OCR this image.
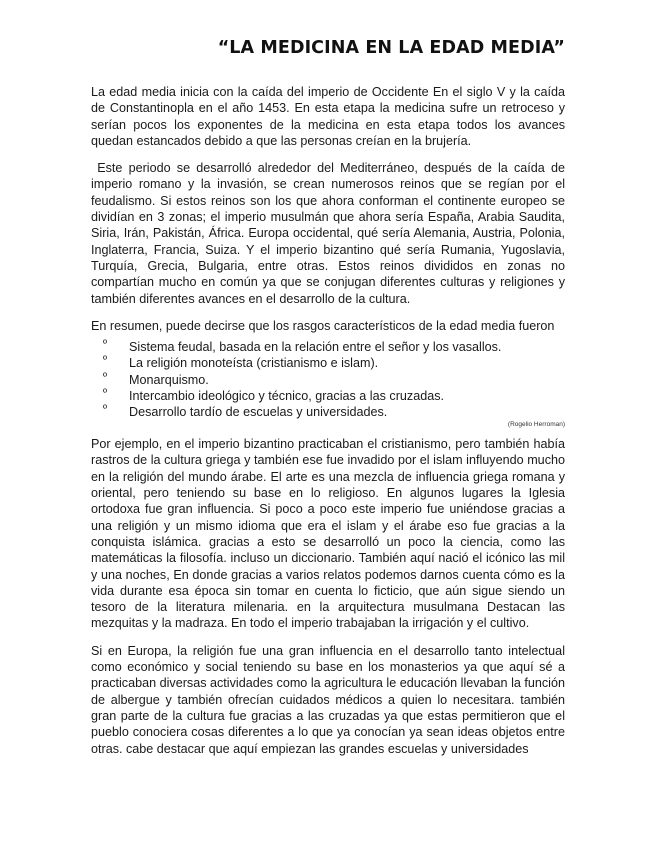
“LA MEDICINA EN LA EDAD MEDIA”

La edad media inicia con la caída del imperio de Occidente En el siglo V y la caída de Constantinopla en el año 1453. En esta etapa la medicina sufre un retroceso y serían pocos los exponentes de la medicina en esta etapa todos los avances quedan estancados debido a que las personas creían en la brujería.

Este periodo se desarrolló alrededor del Mediterráneo, después de la caída de imperio romano y la invasión, se crean numerosos reinos que se regían por el feudalismo. Si estos reinos son los que ahora conforman el continente europeo se dividían en 3 zonas; el imperio musulmán que ahora sería España, Arabia Saudita, Siria, Irán, Pakistán, África. Europa occidental, qué sería Alemania, Austria, Polonia, Inglaterra, Francia, Suiza. Y el imperio bizantino qué sería Rumania, Yugoslavia, Turquía, Grecia, Bulgaria, entre otras. Estos reinos divididos en zonas no compartían mucho en común ya que se conjugan diferentes culturas y religiones y también diferentes avances en el desarrollo de la cultura.

En resumen, puede decirse que los rasgos característicos de la edad media fueron

º Sistema feudal, basada en la relación entre el señor y los vasallos.
º La religión monoteísta (cristianismo e islam).
º Monarquismo.
º Intercambio ideológico y técnico, gracias a las cruzadas.
º Desarrollo tardío de escuelas y universidades.
(Rogelio Herroman)

Por ejemplo, en el imperio bizantino practicaban el cristianismo, pero también había rastros de la cultura griega y también ese fue invadido por el islam influyendo mucho en la religión del mundo árabe. El arte es una mezcla de influencia griega romana y oriental, pero teniendo su base en lo religioso. En algunos lugares la Iglesia ortodoxa fue gran influencia. Si poco a poco este imperio fue uniéndose gracias a una religión y un mismo idioma que era el islam y el árabe eso fue gracias a la conquista islámica. gracias a esto se desarrolló un poco la ciencia, como las matemáticas la filosofía. incluso un diccionario. También aquí nació el icónico las mil y una noches, En donde gracias a varios relatos podemos darnos cuenta cómo es la vida durante esa época sin tomar en cuenta lo ficticio, que aún sigue siendo un tesoro de la literatura milenaria. en la arquitectura musulmana Destacan las mezquitas y la madraza. En todo el imperio trabajaban la irrigación y el cultivo.

Si en Europa, la religión fue una gran influencia en el desarrollo tanto intelectual como económico y social teniendo su base en los monasterios ya que aquí sé a practicaban diversas actividades como la agricultura le educación llevaban la función de albergue y también ofrecían cuidados médicos a quien lo necesitara. también gran parte de la cultura fue gracias a las cruzadas ya que estas permitieron que el pueblo conociera cosas diferentes a lo que ya conocían ya sean ideas objetos entre otras. cabe destacar que aquí empiezan las grandes escuelas y universidades
